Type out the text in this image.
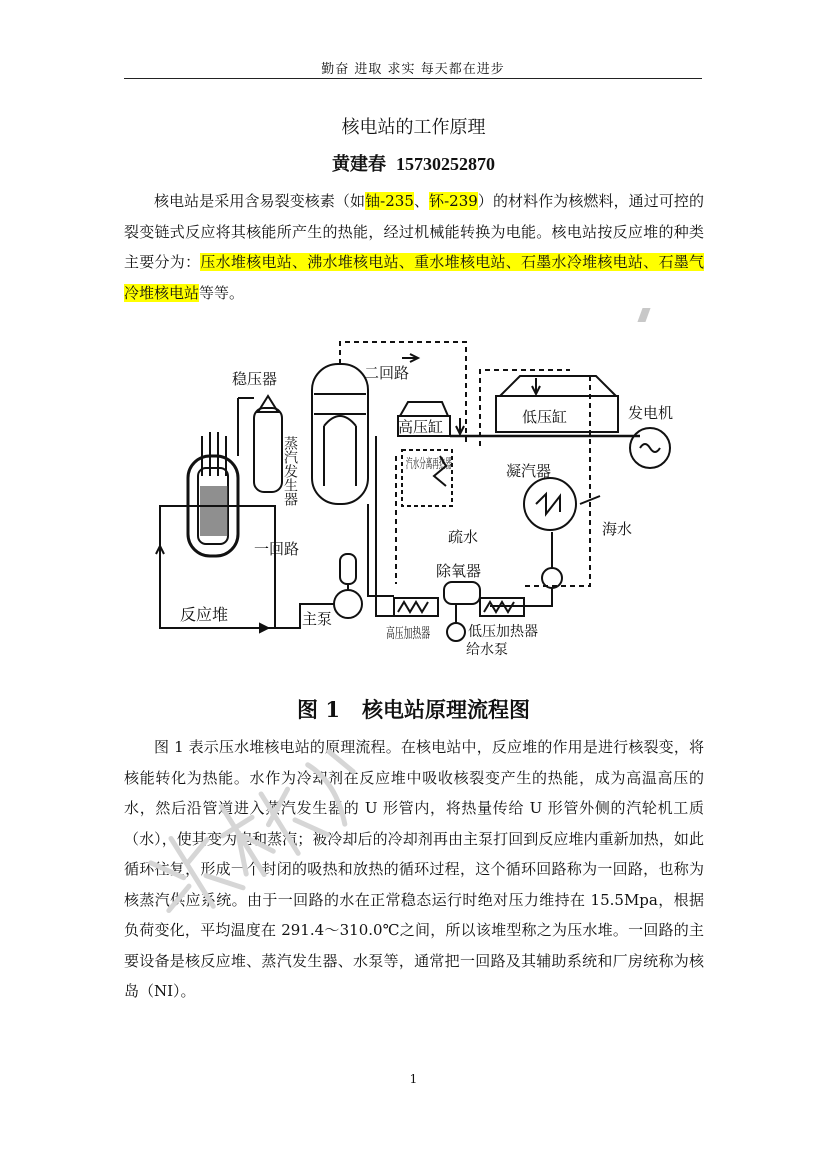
勤奋 进取 求实 每天都在进步
核电站的工作原理
黄建春 15730252870

核电站是采用含易裂变核素（如铀-235、钚-239）的材料作为核燃料，通过可控的裂变链式反应将其核能所产生的热能，经过机械能转换为电能。核电站按反应堆的种类主要分为：压水堆核电站、沸水堆核电站、重水堆核电站、石墨水冷堆核电站、石墨气冷堆核电站等等。

稳压器	二回路
蒸汽发生器
高压缸
低压缸	发电机
汽水分离再热器
疏水
凝汽器
海水
一回路
反应堆	主泵
除氧器
高压加热器 低压加热器
给水泵
图 1 核电站原理流程图

图 1 表示压水堆核电站的原理流程。在核电站中，反应堆的作用是进行核裂变，将核能转化为热能。水作为冷却剂在反应堆中吸收核裂变产生的热能，成为高温高压的水，然后沿管道进入蒸汽发生器的 U 形管内，将热量传给 U 形管外侧的汽轮机工质（水），使其变为饱和蒸汽；被冷却后的冷却剂再由主泵打回到反应堆内重新加热，如此循环往复，形成一个封闭的吸热和放热的循环过程，这个循环回路称为一回路，也称为核蒸汽供应系统。由于一回路的水在正常稳态运行时绝对压力维持在 15.5Mpa，根据负荷变化，平均温度在 291.4～310.0℃之间，所以该堆型称之为压水堆。一回路的主要设备是核反应堆、蒸汽发生器、水泵等，通常把一回路及其辅助系统和厂房统称为核岛（NI）。

1
